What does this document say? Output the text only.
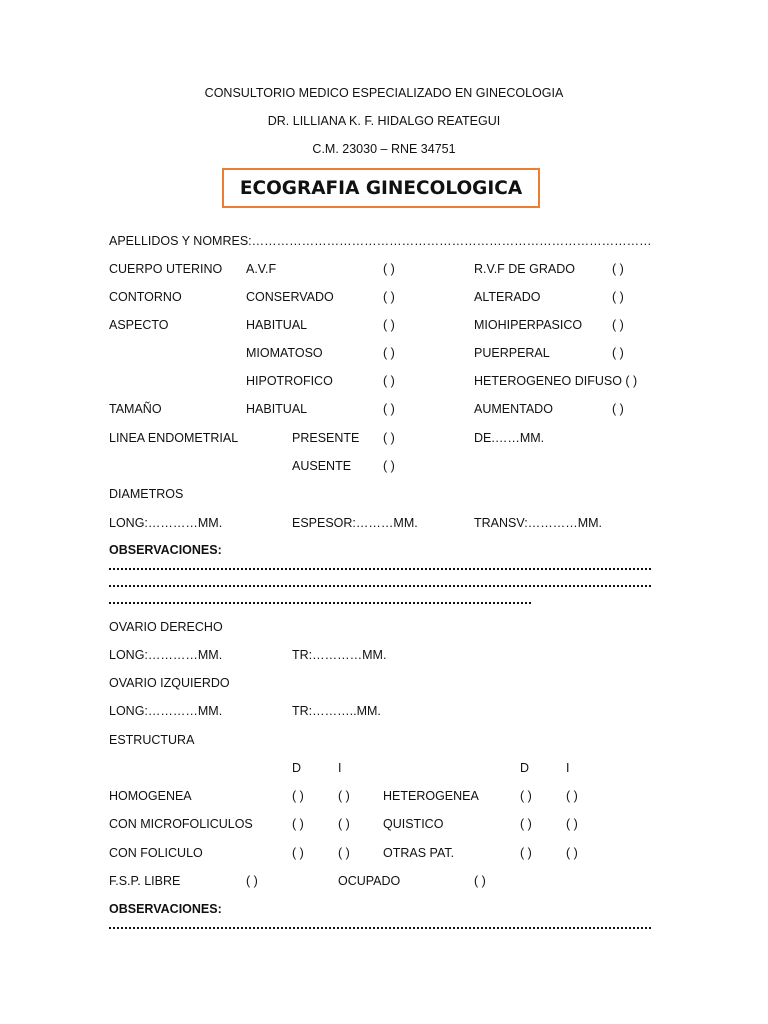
CONSULTORIO MEDICO ESPECIALIZADO EN GINECOLOGIA
DR. LILLIANA K. F. HIDALGO REATEGUI
C.M. 23030 – RNE 34751
ECOGRAFIA GINECOLOGICA
APELLIDOS Y NOMRES:……………………………………………………………………………………
CUERPO UTERINO A.V.F	( )	R.V.F DE GRADO	( )
CONTORNO	CONSERVADO	( )	ALTERADO	( )
ASPECTO	HABITUAL	( )	MIOHIPERPASICO ( )
MIOMATOSO	( )	PUERPERAL	( )
HIPOTROFICO	( )	HETEROGENEO DIFUSO ( )
TAMAÑO	HABITUAL	( )	AUMENTADO	( )
LINEA ENDOMETRIAL	PRESENTE ( )	DE.……MM.
AUSENTE	( )
DIAMETROS
LONG:…………MM.	ESPESOR:………MM.	TRANSV:…………MM.
OBSERVACIONES:
OVARIO DERECHO
LONG:…………MM.	TR:…………MM.
OVARIO IZQUIERDO
LONG:…………MM.	TR:………..MM.
ESTRUCTURA
D	I	D	I
HOMOGENEA	( )	( )	HETEROGENEA	( )	( )
CON MICROFOLICULOS	( )	( )	QUISTICO	( )	( )
CON FOLICULO	( )	( )	OTRAS PAT.	( )	( )
F.S.P. LIBRE	( )	OCUPADO	( )
OBSERVACIONES:
